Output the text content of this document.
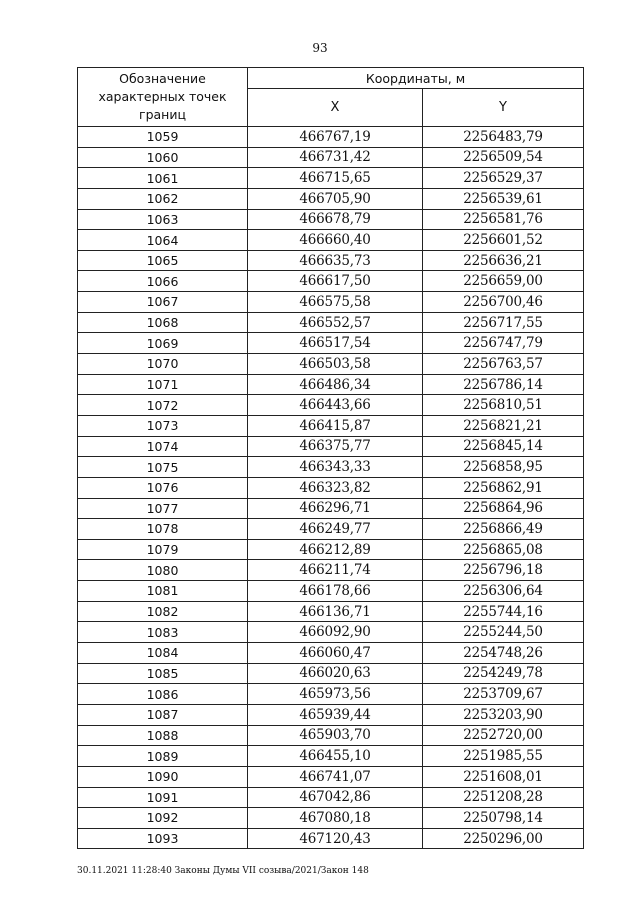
93
Обозначение характерных точек границ	Координаты, м	
	X	Y
1059	466767,19	2256483,79
1060	466731,42	2256509,54
1061	466715,65	2256529,37
1062	466705,90	2256539,61
1063	466678,79	2256581,76
1064	466660,40	2256601,52
1065	466635,73	2256636,21
1066	466617,50	2256659,00
1067	466575,58	2256700,46
1068	466552,57	2256717,55
1069	466517,54	2256747,79
1070	466503,58	2256763,57
1071	466486,34	2256786,14
1072	466443,66	2256810,51
1073	466415,87	2256821,21
1074	466375,77	2256845,14
1075	466343,33	2256858,95
1076	466323,82	2256862,91
1077	466296,71	2256864,96
1078	466249,77	2256866,49
1079	466212,89	2256865,08
1080	466211,74	2256796,18
1081	466178,66	2256306,64
1082	466136,71	2255744,16
1083	466092,90	2255244,50
1084	466060,47	2254748,26
1085	466020,63	2254249,78
1086	465973,56	2253709,67
1087	465939,44	2253203,90
1088	465903,70	2252720,00
1089	466455,10	2251985,55
1090	466741,07	2251608,01
1091	467042,86	2251208,28
1092	467080,18	2250798,14
1093	467120,43	2250296,00
30.11.2021 11:28:40 Законы Думы VII созыва/2021/Закон 148
